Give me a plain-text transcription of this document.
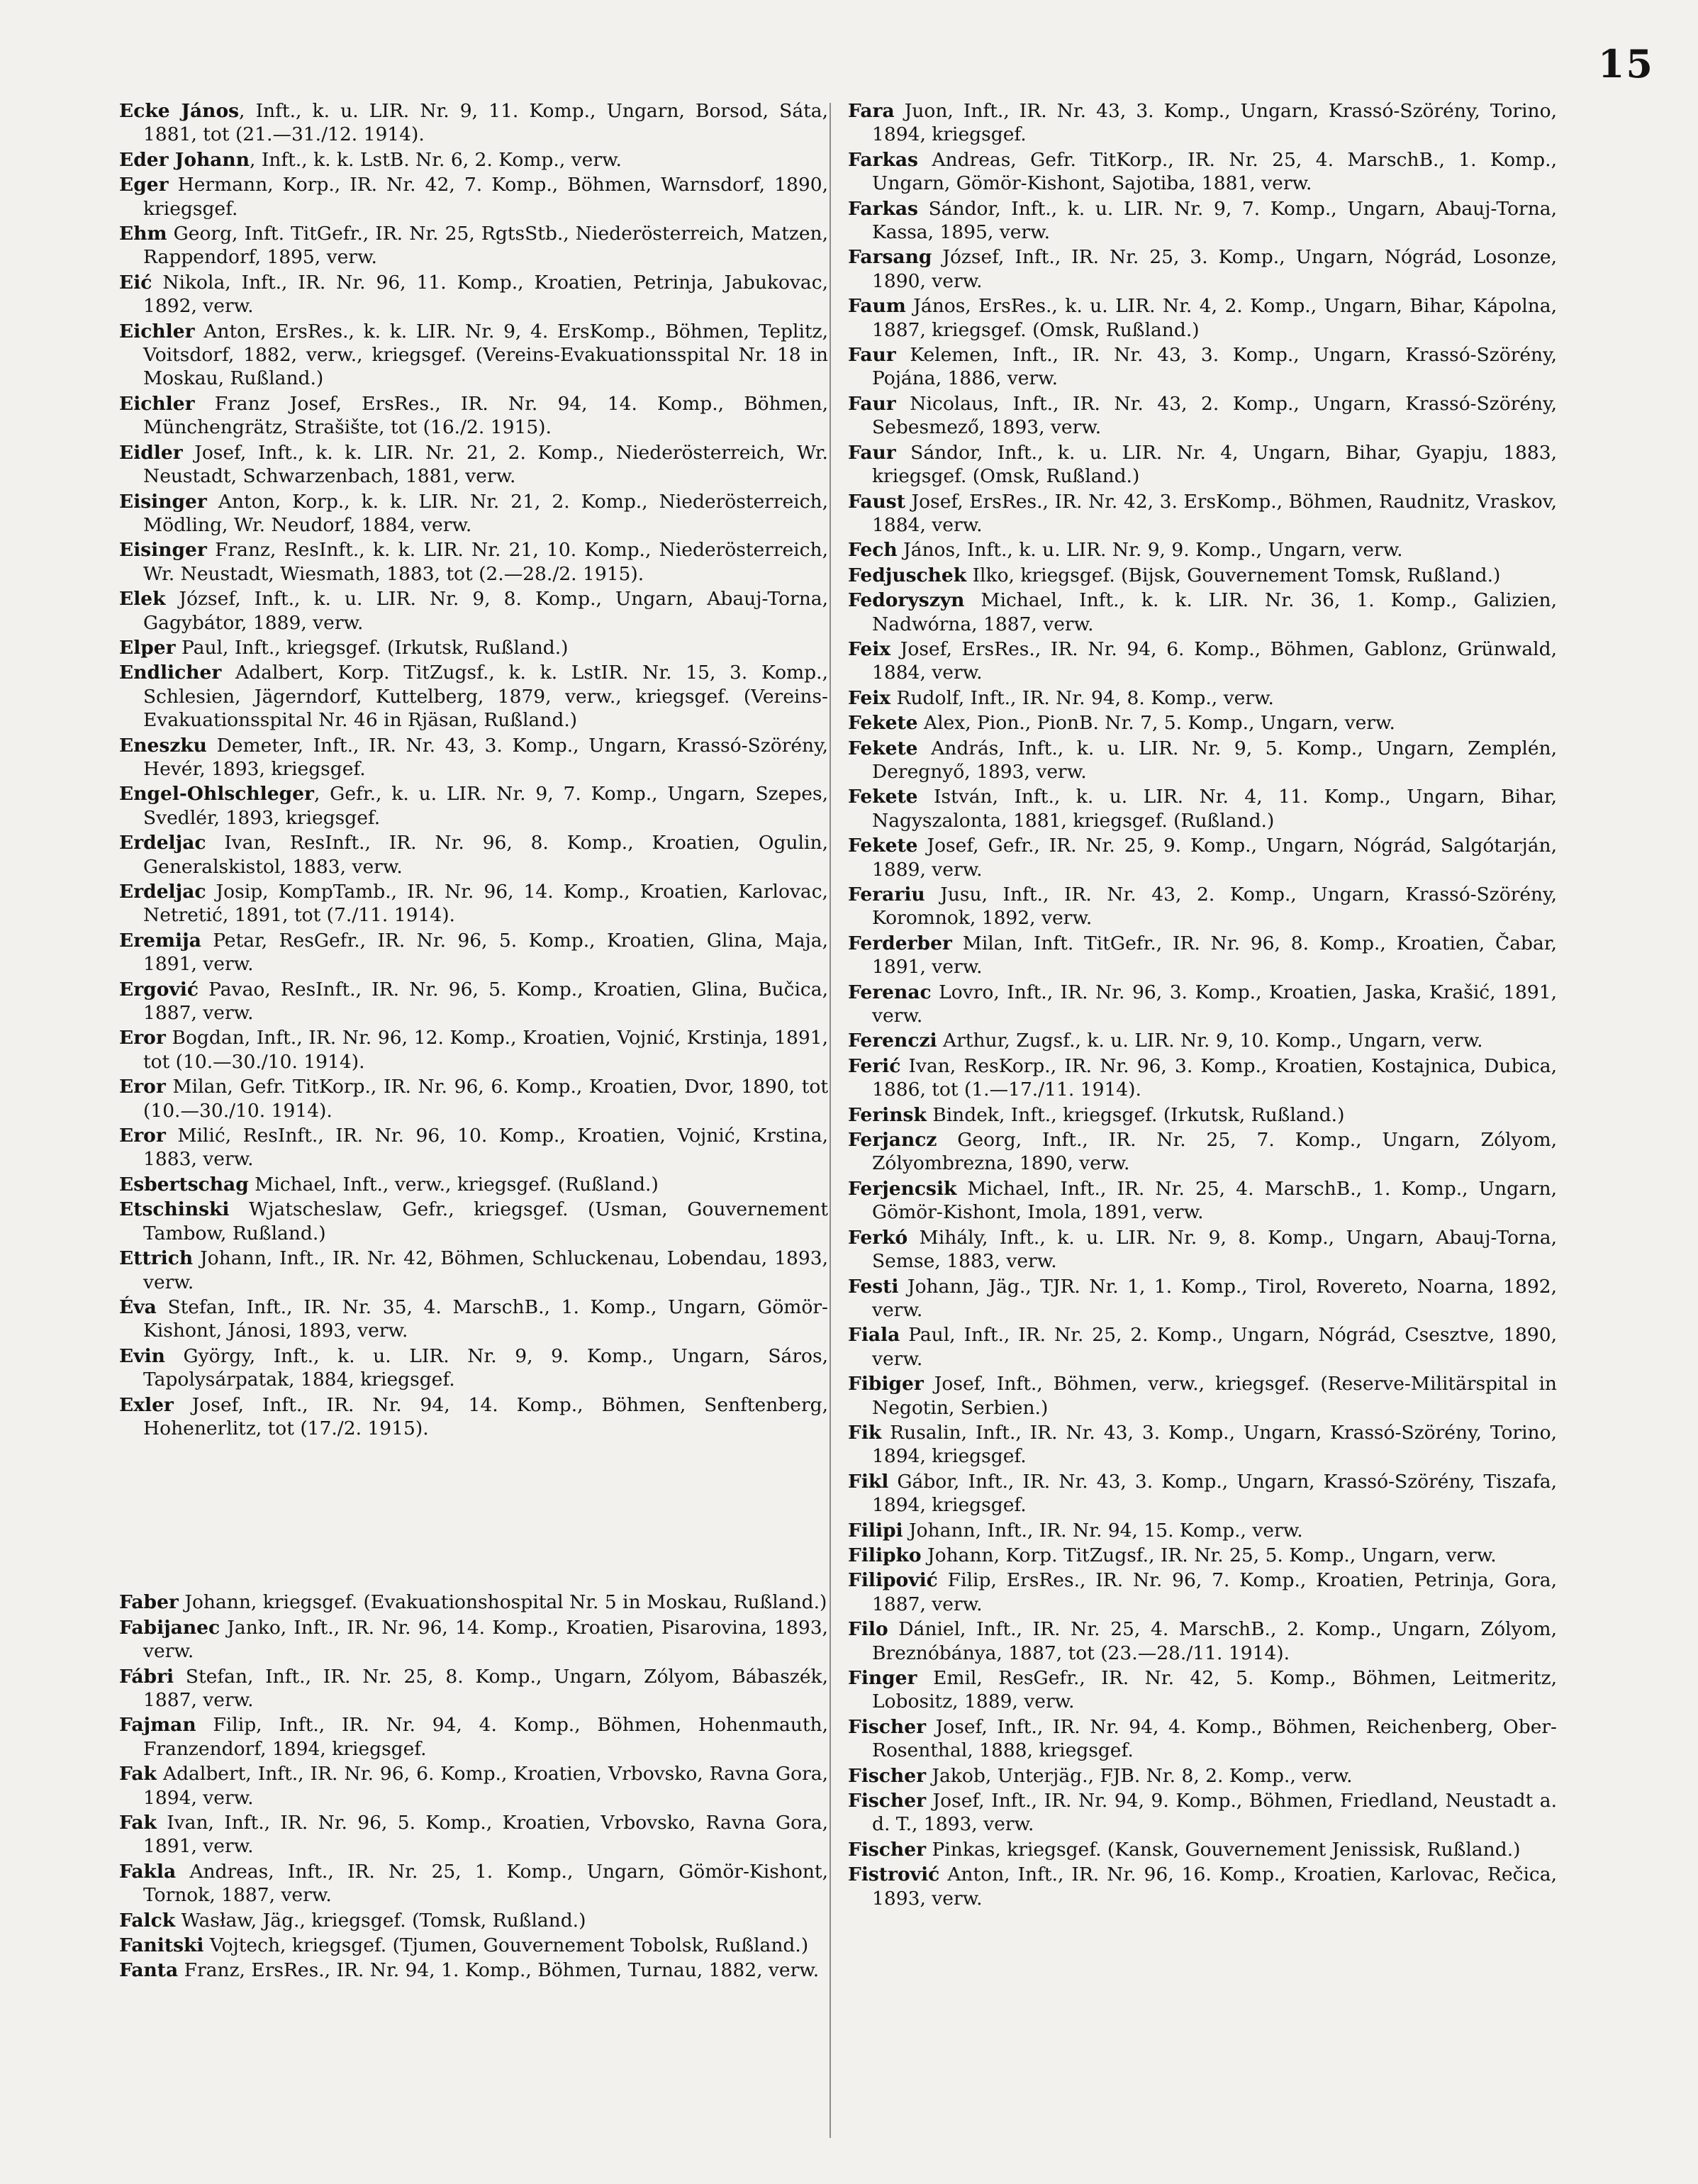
15

Ecke János, Inft., k. u. LIR. Nr. 9, 11. Komp., Ungarn, Borsod, Sáta, 1881, tot (21.—31./12. 1914).

Eder Johann, Inft., k. k. LstB. Nr. 6, 2. Komp., verw.

Eger Hermann, Korp., IR. Nr. 42, 7. Komp., Böhmen, Warnsdorf, 1890, kriegsgef.

Ehm Georg, Inft. TitGefr., IR. Nr. 25, RgtsStb., Niederösterreich, Matzen, Rappendorf, 1895, verw.

Eić Nikola, Inft., IR. Nr. 96, 11. Komp., Kroatien, Petrinja, Jabukovac, 1892, verw.

Eichler Anton, ErsRes., k. k. LIR. Nr. 9, 4. ErsKomp., Böhmen, Teplitz, Voitsdorf, 1882, verw., kriegsgef. (Vereins-Evakuationsspital Nr. 18 in Moskau, Rußland.)

Eichler Franz Josef, ErsRes., IR. Nr. 94, 14. Komp., Böhmen, Münchengrätz, Strašište, tot (16./2. 1915).

Eidler Josef, Inft., k. k. LIR. Nr. 21, 2. Komp., Niederösterreich, Wr. Neustadt, Schwarzenbach, 1881, verw.

Eisinger Anton, Korp., k. k. LIR. Nr. 21, 2. Komp., Niederösterreich, Mödling, Wr. Neudorf, 1884, verw.

Eisinger Franz, ResInft., k. k. LIR. Nr. 21, 10. Komp., Niederösterreich, Wr. Neustadt, Wiesmath, 1883, tot (2.—28./2. 1915).

Elek József, Inft., k. u. LIR. Nr. 9, 8. Komp., Ungarn, Abauj-Torna, Gagybátor, 1889, verw.

Elper Paul, Inft., kriegsgef. (Irkutsk, Rußland.)

Endlicher Adalbert, Korp. TitZugsf., k. k. LstIR. Nr. 15, 3. Komp., Schlesien, Jägerndorf, Kuttelberg, 1879, verw., kriegsgef. (Vereins-Evakuationsspital Nr. 46 in Rjäsan, Rußland.)

Eneszku Demeter, Inft., IR. Nr. 43, 3. Komp., Ungarn, Krassó-Szörény, Hevér, 1893, kriegsgef.

Engel-Ohlschleger, Gefr., k. u. LIR. Nr. 9, 7. Komp., Ungarn, Szepes, Svedlér, 1893, kriegsgef.

Erdeljac Ivan, ResInft., IR. Nr. 96, 8. Komp., Kroatien, Ogulin, Generalskistol, 1883, verw.

Erdeljac Josip, KompTamb., IR. Nr. 96, 14. Komp., Kroatien, Karlovac, Netretić, 1891, tot (7./11. 1914).

Eremija Petar, ResGefr., IR. Nr. 96, 5. Komp., Kroatien, Glina, Maja, 1891, verw.

Ergović Pavao, ResInft., IR. Nr. 96, 5. Komp., Kroatien, Glina, Bučica, 1887, verw.

Eror Bogdan, Inft., IR. Nr. 96, 12. Komp., Kroatien, Vojnić, Krstinja, 1891, tot (10.—30./10. 1914).

Eror Milan, Gefr. TitKorp., IR. Nr. 96, 6. Komp., Kroatien, Dvor, 1890, tot (10.—30./10. 1914).

Eror Milić, ResInft., IR. Nr. 96, 10. Komp., Kroatien, Vojnić, Krstina, 1883, verw.

Esbertschag Michael, Inft., verw., kriegsgef. (Rußland.)

Etschinski Wjatscheslaw, Gefr., kriegsgef. (Usman, Gouvernement Tambow, Rußland.)

Ettrich Johann, Inft., IR. Nr. 42, Böhmen, Schluckenau, Lobendau, 1893, verw.

Éva Stefan, Inft., IR. Nr. 35, 4. MarschB., 1. Komp., Ungarn, Gömör-Kishont, Jánosi, 1893, verw.

Evin György, Inft., k. u. LIR. Nr. 9, 9. Komp., Ungarn, Sáros, Tapolysárpatak, 1884, kriegsgef.

Exler Josef, Inft., IR. Nr. 94, 14. Komp., Böhmen, Senftenberg, Hohenerlitz, tot (17./2. 1915).

Faber Johann, kriegsgef. (Evakuationshospital Nr. 5 in Moskau, Rußland.)

Fabijanec Janko, Inft., IR. Nr. 96, 14. Komp., Kroatien, Pisarovina, 1893, verw.

Fábri Stefan, Inft., IR. Nr. 25, 8. Komp., Ungarn, Zólyom, Bábaszék, 1887, verw.

Fajman Filip, Inft., IR. Nr. 94, 4. Komp., Böhmen, Hohenmauth, Franzendorf, 1894, kriegsgef.

Fak Adalbert, Inft., IR. Nr. 96, 6. Komp., Kroatien, Vrbovsko, Ravna Gora, 1894, verw.

Fak Ivan, Inft., IR. Nr. 96, 5. Komp., Kroatien, Vrbovsko, Ravna Gora, 1891, verw.

Fakla Andreas, Inft., IR. Nr. 25, 1. Komp., Ungarn, Gömör-Kishont, Tornok, 1887, verw.

Falck Wasław, Jäg., kriegsgef. (Tomsk, Rußland.)

Fanitski Vojtech, kriegsgef. (Tjumen, Gouvernement Tobolsk, Rußland.)

Fanta Franz, ErsRes., IR. Nr. 94, 1. Komp., Böhmen, Turnau, 1882, verw.

Fara Juon, Inft., IR. Nr. 43, 3. Komp., Ungarn, Krassó-Szörény, Torino, 1894, kriegsgef.

Farkas Andreas, Gefr. TitKorp., IR. Nr. 25, 4. MarschB., 1. Komp., Ungarn, Gömör-Kishont, Sajotiba, 1881, verw.

Farkas Sándor, Inft., k. u. LIR. Nr. 9, 7. Komp., Ungarn, Abauj-Torna, Kassa, 1895, verw.

Farsang József, Inft., IR. Nr. 25, 3. Komp., Ungarn, Nógrád, Losonze, 1890, verw.

Faum János, ErsRes., k. u. LIR. Nr. 4, 2. Komp., Ungarn, Bihar, Kápolna, 1887, kriegsgef. (Omsk, Rußland.)

Faur Kelemen, Inft., IR. Nr. 43, 3. Komp., Ungarn, Krassó-Szörény, Pojána, 1886, verw.

Faur Nicolaus, Inft., IR. Nr. 43, 2. Komp., Ungarn, Krassó-Szörény, Sebesmező, 1893, verw.

Faur Sándor, Inft., k. u. LIR. Nr. 4, Ungarn, Bihar, Gyapju, 1883, kriegsgef. (Omsk, Rußland.)

Faust Josef, ErsRes., IR. Nr. 42, 3. ErsKomp., Böhmen, Raudnitz, Vraskov, 1884, verw.

Fech János, Inft., k. u. LIR. Nr. 9, 9. Komp., Ungarn, verw.

Fedjuschek Ilko, kriegsgef. (Bijsk, Gouvernement Tomsk, Rußland.)

Fedoryszyn Michael, Inft., k. k. LIR. Nr. 36, 1. Komp., Galizien, Nadwórna, 1887, verw.

Feix Josef, ErsRes., IR. Nr. 94, 6. Komp., Böhmen, Gablonz, Grünwald, 1884, verw.

Feix Rudolf, Inft., IR. Nr. 94, 8. Komp., verw.

Fekete Alex, Pion., PionB. Nr. 7, 5. Komp., Ungarn, verw.

Fekete András, Inft., k. u. LIR. Nr. 9, 5. Komp., Ungarn, Zemplén, Deregnyő, 1893, verw.

Fekete István, Inft., k. u. LIR. Nr. 4, 11. Komp., Ungarn, Bihar, Nagyszalonta, 1881, kriegsgef. (Rußland.)

Fekete Josef, Gefr., IR. Nr. 25, 9. Komp., Ungarn, Nógrád, Salgótarján, 1889, verw.

Ferariu Jusu, Inft., IR. Nr. 43, 2. Komp., Ungarn, Krassó-Szörény, Koromnok, 1892, verw.

Ferderber Milan, Inft. TitGefr., IR. Nr. 96, 8. Komp., Kroatien, Čabar, 1891, verw.

Ferenac Lovro, Inft., IR. Nr. 96, 3. Komp., Kroatien, Jaska, Krašić, 1891, verw.

Ferenczi Arthur, Zugsf., k. u. LIR. Nr. 9, 10. Komp., Ungarn, verw.

Ferić Ivan, ResKorp., IR. Nr. 96, 3. Komp., Kroatien, Kostajnica, Dubica, 1886, tot (1.—17./11. 1914).

Ferinsk Bindek, Inft., kriegsgef. (Irkutsk, Rußland.)

Ferjancz Georg, Inft., IR. Nr. 25, 7. Komp., Ungarn, Zólyom, Zólyombrezna, 1890, verw.

Ferjencsik Michael, Inft., IR. Nr. 25, 4. MarschB., 1. Komp., Ungarn, Gömör-Kishont, Imola, 1891, verw.

Ferkó Mihály, Inft., k. u. LIR. Nr. 9, 8. Komp., Ungarn, Abauj-Torna, Semse, 1883, verw.

Festi Johann, Jäg., TJR. Nr. 1, 1. Komp., Tirol, Rovereto, Noarna, 1892, verw.

Fiala Paul, Inft., IR. Nr. 25, 2. Komp., Ungarn, Nógrád, Csesztve, 1890, verw.

Fibiger Josef, Inft., Böhmen, verw., kriegsgef. (Reserve-Militärspital in Negotin, Serbien.)

Fik Rusalin, Inft., IR. Nr. 43, 3. Komp., Ungarn, Krassó-Szörény, Torino, 1894, kriegsgef.

Fikl Gábor, Inft., IR. Nr. 43, 3. Komp., Ungarn, Krassó-Szörény, Tiszafa, 1894, kriegsgef.

Filipi Johann, Inft., IR. Nr. 94, 15. Komp., verw.

Filipko Johann, Korp. TitZugsf., IR. Nr. 25, 5. Komp., Ungarn, verw.

Filipović Filip, ErsRes., IR. Nr. 96, 7. Komp., Kroatien, Petrinja, Gora, 1887, verw.

Filo Dániel, Inft., IR. Nr. 25, 4. MarschB., 2. Komp., Ungarn, Zólyom, Breznóbánya, 1887, tot (23.—28./11. 1914).

Finger Emil, ResGefr., IR. Nr. 42, 5. Komp., Böhmen, Leitmeritz, Lobositz, 1889, verw.

Fischer Josef, Inft., IR. Nr. 94, 4. Komp., Böhmen, Reichenberg, Ober-Rosenthal, 1888, kriegsgef.

Fischer Jakob, Unterjäg., FJB. Nr. 8, 2. Komp., verw.

Fischer Josef, Inft., IR. Nr. 94, 9. Komp., Böhmen, Friedland, Neustadt a. d. T., 1893, verw.

Fischer Pinkas, kriegsgef. (Kansk, Gouvernement Jenissisk, Rußland.)

Fistrović Anton, Inft., IR. Nr. 96, 16. Komp., Kroatien, Karlovac, Rečica, 1893, verw.
